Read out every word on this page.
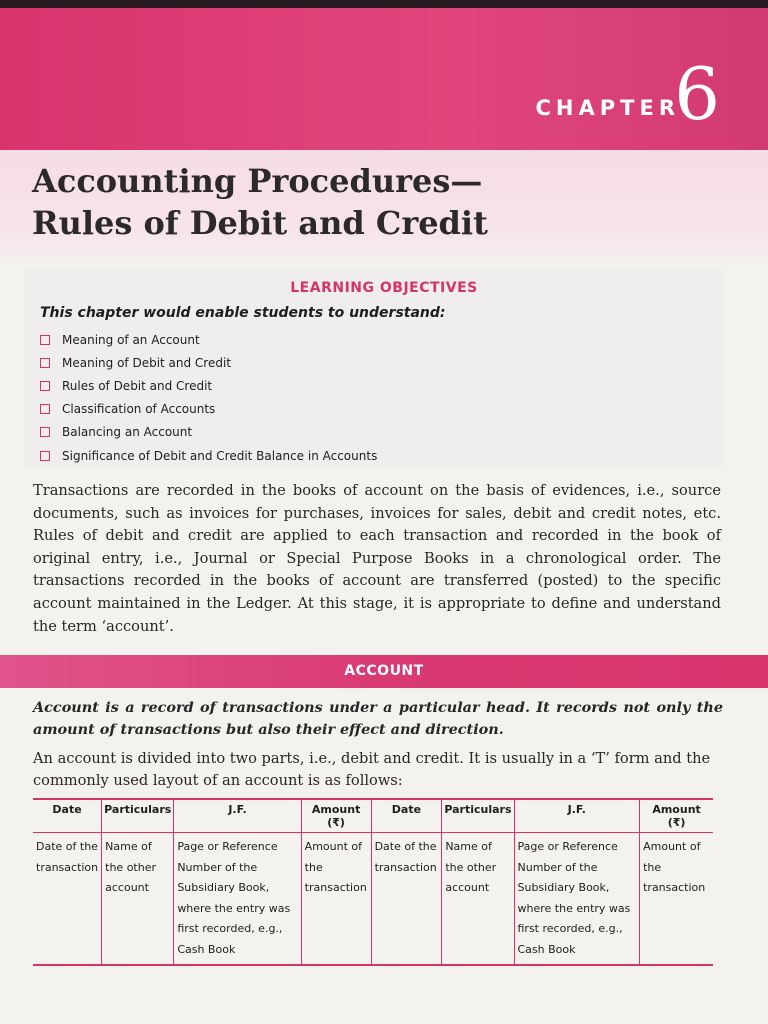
CHAPTER
6
Accounting Procedures—
Rules of Debit and Credit
LEARNING OBJECTIVES
This chapter would enable students to understand:
Meaning of an Account
Meaning of Debit and Credit
Rules of Debit and Credit
Classification of Accounts
Balancing an Account
Significance of Debit and Credit Balance in Accounts

Transactions are recorded in the books of account on the basis of evidences, i.e., source documents, such as invoices for purchases, invoices for sales, debit and credit notes, etc. Rules of debit and credit are applied to each transaction and recorded in the book of original entry, i.e., Journal or Special Purpose Books in a chronological order. The transactions recorded in the books of account are transferred (posted) to the specific account maintained in the Ledger. At this stage, it is appropriate to define and understand the term ‘account’.

ACCOUNT

Account is a record of transactions under a particular head. It records not only the amount of transactions but also their effect and direction.

An account is divided into two parts, i.e., debit and credit. It is usually in a ‘T’ form and the commonly used layout of an account is as follows:

Date	Particulars	J.F.	Amount (₹)	Date	Particulars	J.F.	Amount (₹)
Date of the transaction	Name of the other account	Page or Reference Number of the Subsidiary Book, where the entry was first recorded, e.g., Cash Book	Amount of the transaction	Date of the transaction	Name of the other account	Page or Reference Number of the Subsidiary Book, where the entry was first recorded, e.g., Cash Book	Amount of the transaction
